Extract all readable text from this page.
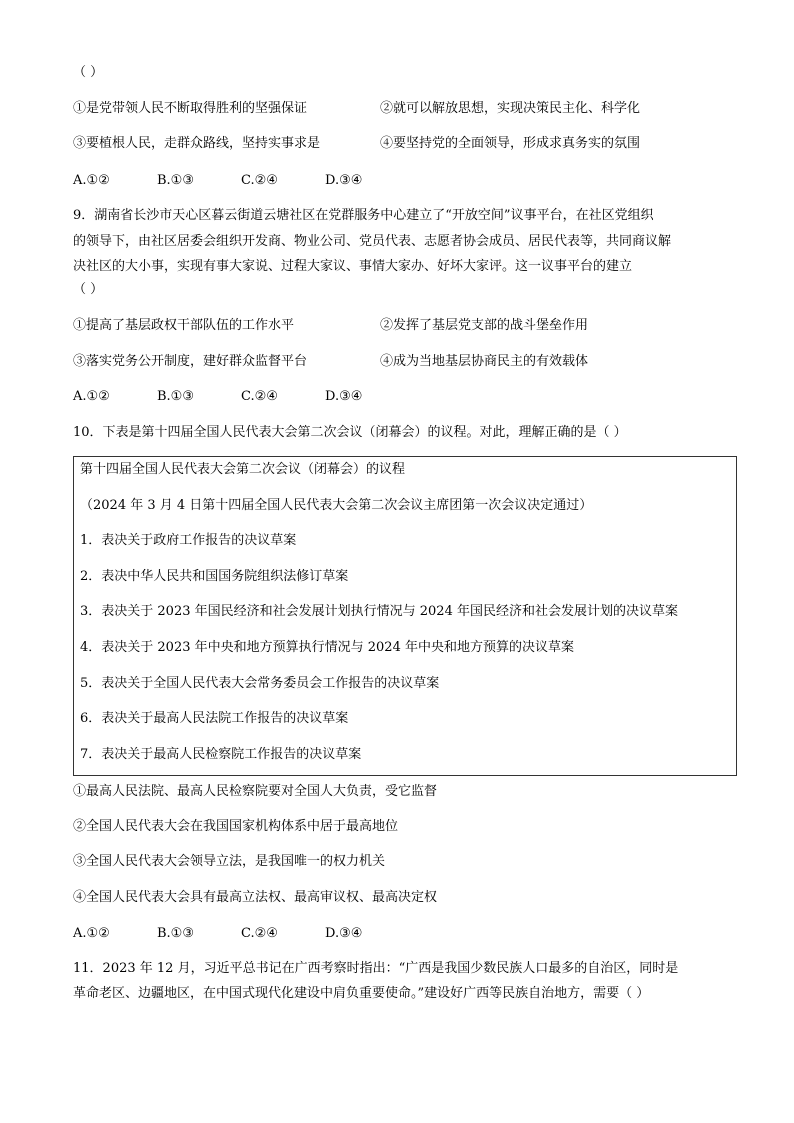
（ ）
①是党带领人民不断取得胜利的坚强保证	②就可以解放思想，实现决策民主化、科学化
③要植根人民，走群众路线，坚持实事求是	④要坚持党的全面领导，形成求真务实的氛围
A.①②	B.①③	C.②④	D.③④
9．湖南省长沙市天心区暮云街道云塘社区在党群服务中心建立了“开放空间”议事平台，在社区党组织
的领导下，由社区居委会组织开发商、物业公司、党员代表、志愿者协会成员、居民代表等，共同商议解
决社区的大小事，实现有事大家说、过程大家议、事情大家办、好坏大家评。这一议事平台的建立
（ ）
①提高了基层政权干部队伍的工作水平	②发挥了基层党支部的战斗堡垒作用
③落实党务公开制度，建好群众监督平台	④成为当地基层协商民主的有效载体
A.①②	B.①③	C.②④	D.③④
10．下表是第十四届全国人民代表大会第二次会议（闭幕会）的议程。对此，理解正确的是（ ）
第十四届全国人民代表大会第二次会议（闭幕会）的议程
（2024 年 3 月 4 日第十四届全国人民代表大会第二次会议主席团第一次会议决定通过）
1．表决关于政府工作报告的决议草案
2．表决中华人民共和国国务院组织法修订草案
3．表决关于 2023 年国民经济和社会发展计划执行情况与 2024 年国民经济和社会发展计划的决议草案
4．表决关于 2023 年中央和地方预算执行情况与 2024 年中央和地方预算的决议草案
5．表决关于全国人民代表大会常务委员会工作报告的决议草案
6．表决关于最高人民法院工作报告的决议草案
7．表决关于最高人民检察院工作报告的决议草案
①最高人民法院、最高人民检察院要对全国人大负责，受它监督
②全国人民代表大会在我国国家机构体系中居于最高地位
③全国人民代表大会领导立法，是我国唯一的权力机关
④全国人民代表大会具有最高立法权、最高审议权、最高决定权
A.①②	B.①③	C.②④	D.③④
11．2023 年 12 月，习近平总书记在广西考察时指出：“广西是我国少数民族人口最多的自治区，同时是
革命老区、边疆地区，在中国式现代化建设中肩负重要使命。”建设好广西等民族自治地方，需要（ ）
